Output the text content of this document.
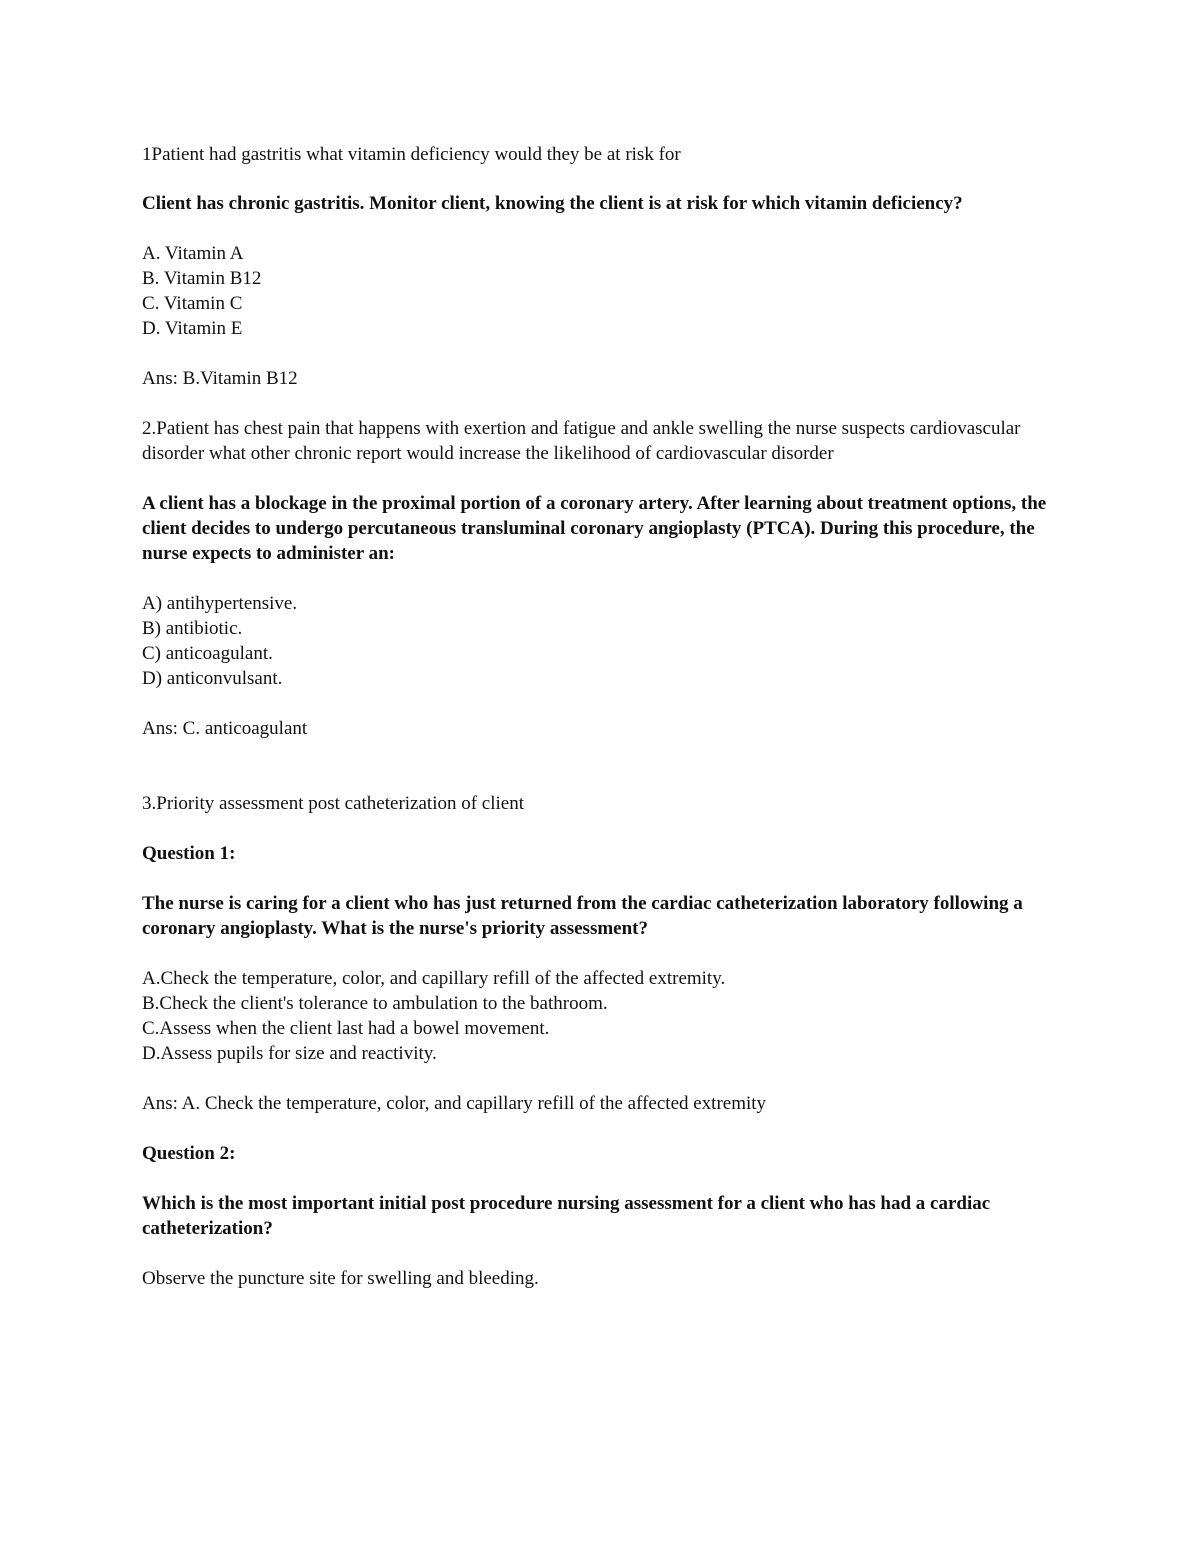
1Patient had gastritis what vitamin deficiency would they be at risk for

Client has chronic gastritis. Monitor client, knowing the client is at risk for which vitamin deficiency?

A. Vitamin A
B. Vitamin B12
C. Vitamin C
D. Vitamin E

Ans: B.Vitamin B12

2.Patient has chest pain that happens with exertion and fatigue and ankle swelling the nurse suspects cardiovascular disorder what other chronic report would increase the likelihood of cardiovascular disorder

A client has a blockage in the proximal portion of a coronary artery. After learning about treatment options, the client decides to undergo percutaneous transluminal coronary angioplasty (PTCA). During this procedure, the nurse expects to administer an:

A) antihypertensive.
B) antibiotic.
C) anticoagulant.
D) anticonvulsant.

Ans: C. anticoagulant

3.Priority assessment post catheterization of client

Question 1:

The nurse is caring for a client who has just returned from the cardiac catheterization laboratory following a coronary angioplasty. What is the nurse's priority assessment?

A.Check the temperature, color, and capillary refill of the affected extremity.
B.Check the client's tolerance to ambulation to the bathroom.
C.Assess when the client last had a bowel movement.
D.Assess pupils for size and reactivity.

Ans: A. Check the temperature, color, and capillary refill of the affected extremity

Question 2:

Which is the most important initial post procedure nursing assessment for a client who has had a cardiac catheterization?

Observe the puncture site for swelling and bleeding.
